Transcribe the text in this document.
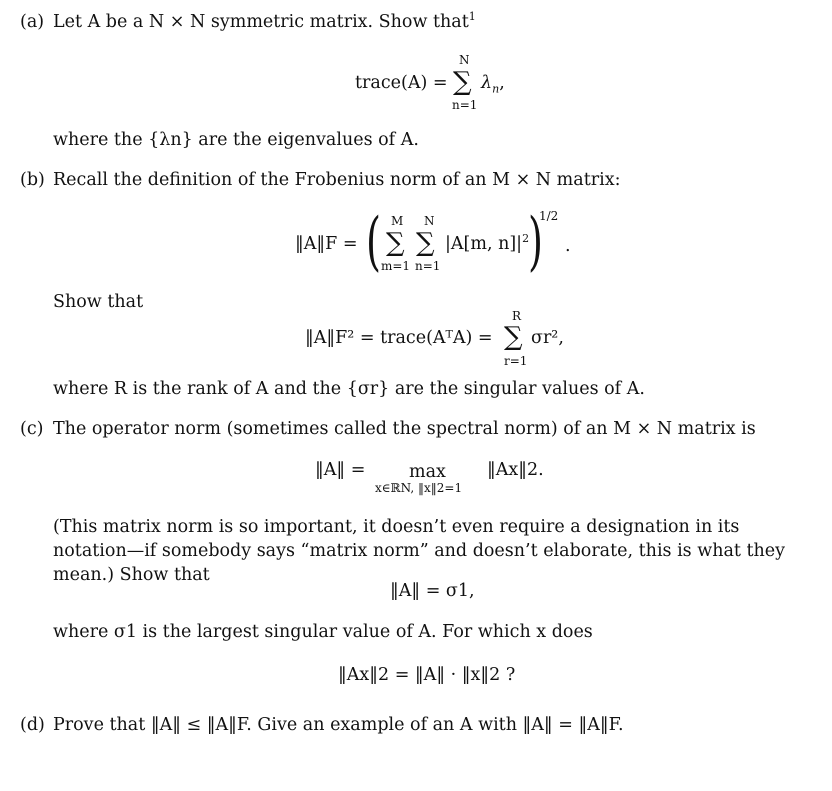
(a) Let A be a N × N symmetric matrix. Show that$^1$
trace(A) =
N
∑
n=1
$\lambda_n$,
where the {λn} are the eigenvalues of A.
(b) Recall the definition of the Frobenius norm of an M × N matrix:
‖A‖F = ( M
∑
m=1
N
∑
n=1
|A[m, $n]|^2$
)
1/2
.
Show that
‖A‖F² = trace(AᵀA) =
R
∑
r=1
σr²,
where R is the rank of A and the {σr} are the singular values of A.
(c) The operator norm (sometimes called the spectral norm) of an M × N matrix is
‖A‖ = max
x∈ℝN, ‖x‖2=1
‖Ax‖2.
(This matrix norm is so important, it doesn’t even require a designation in its notation—if somebody says “matrix norm” and doesn’t elaborate, this is what they mean.) Show that
‖A‖ = σ1,
where σ1 is the largest singular value of A. For which x does
‖Ax‖2 = ‖A‖ · ‖x‖2 ?
(d) Prove that ‖A‖ ≤ ‖A‖F. Give an example of an A with ‖A‖ = ‖A‖F.
